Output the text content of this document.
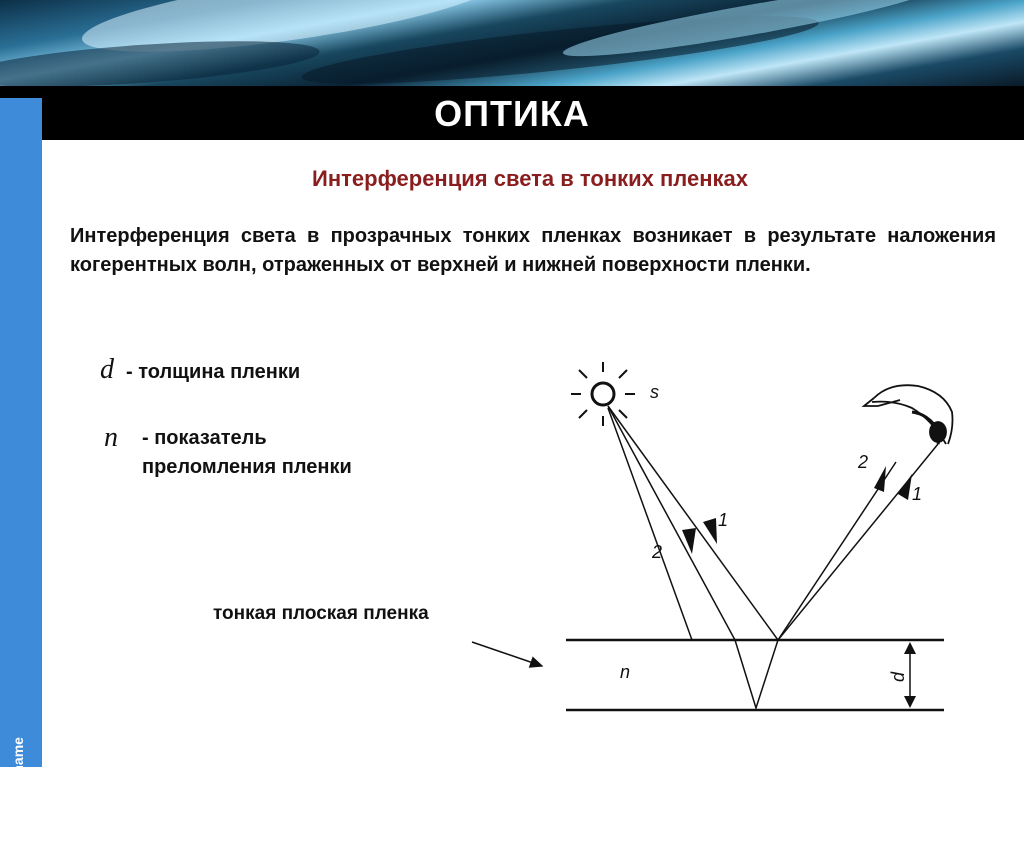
ОПТИКА
company name
Интерференция света в тонких пленках
Интерференция света в прозрачных тонких пленках возникает в результате наложения когерентных волн, отраженных от верхней и нижней поверхности пленки.
d - толщина пленки
n - показатель
преломления пленки
тонкая плоская пленка
s
1
2
2
1
n	d
